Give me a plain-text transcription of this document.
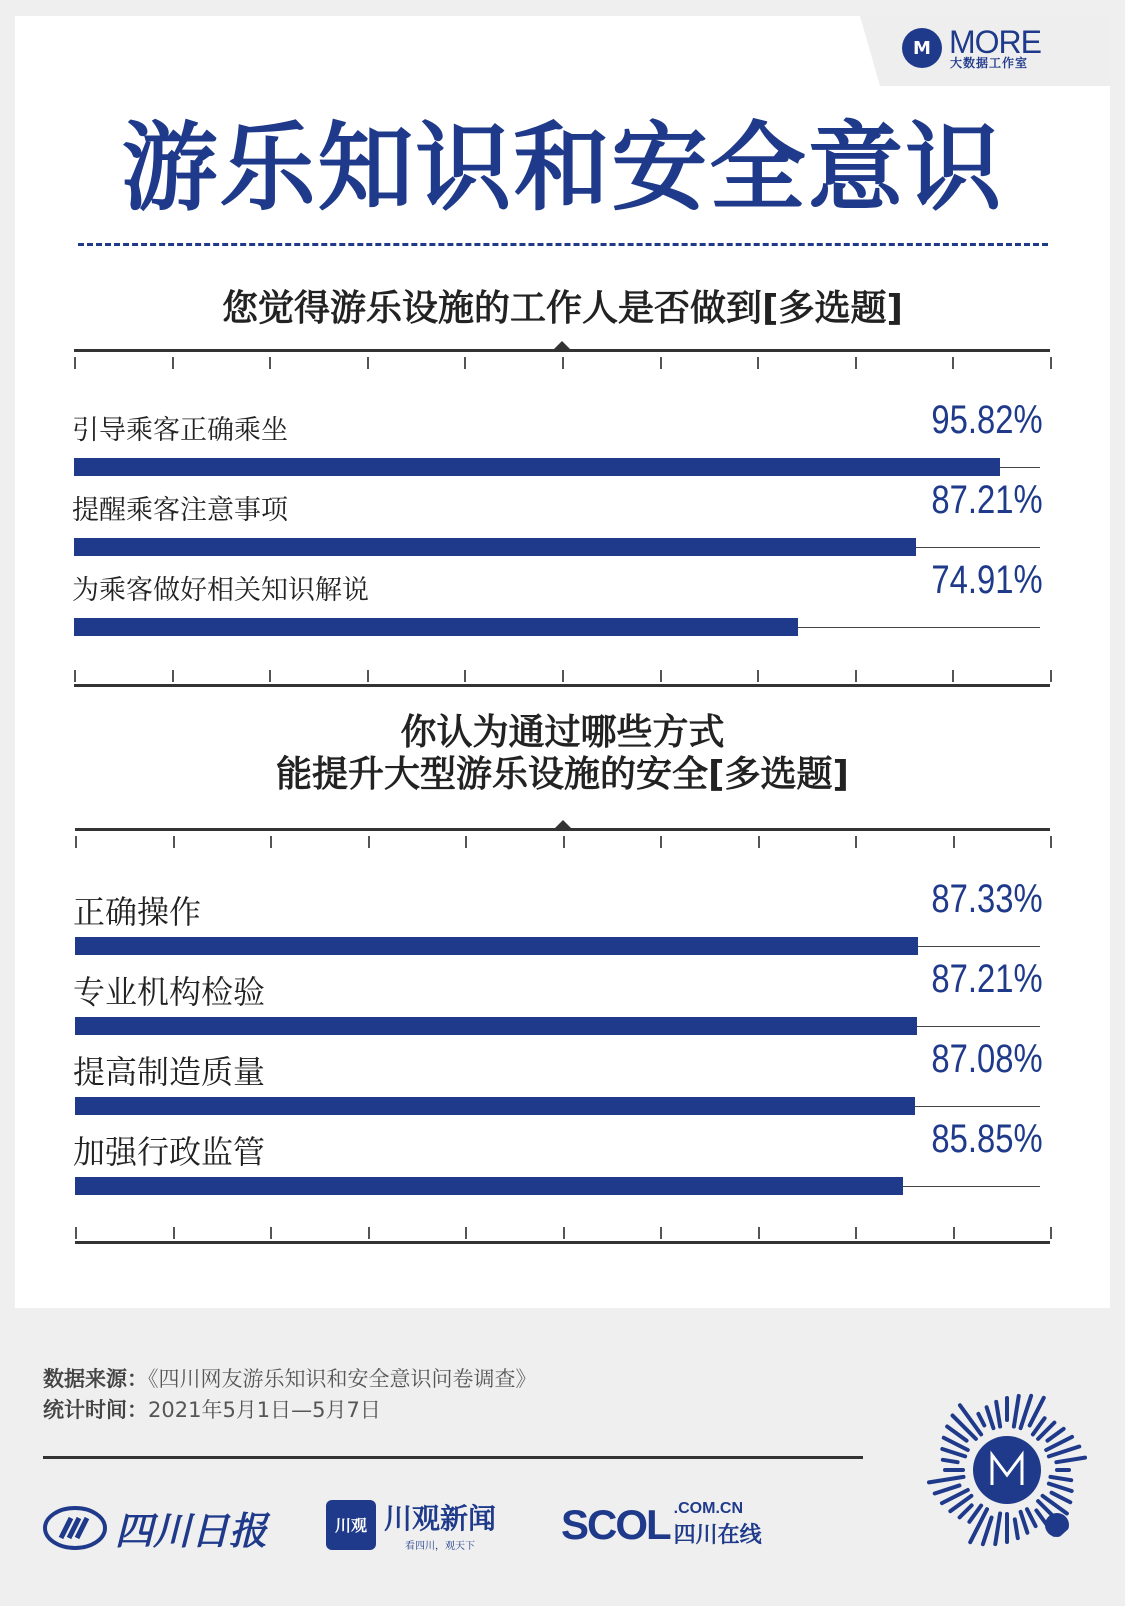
M MORE
大数据工作室
游乐知识和安全意识
您觉得游乐设施的工作人是否做到[多选题]
引导乘客正确乘坐	95.82%
提醒乘客注意事项	87.21%
为乘客做好相关知识解说	74.91%
你认为通过哪些方式
能提升大型游乐设施的安全[多选题]
正确操作	87.33%
专业机构检验	87.21%
提高制造质量	87.08%
加强行政监管	85.85%
数据来源：《四川网友游乐知识和安全意识问卷调查》
统计时间：2021年5月1日—5月7日
四川日报	川观 川观新闻
看四川，观天下	SCOL .COM.CN
四川在线
